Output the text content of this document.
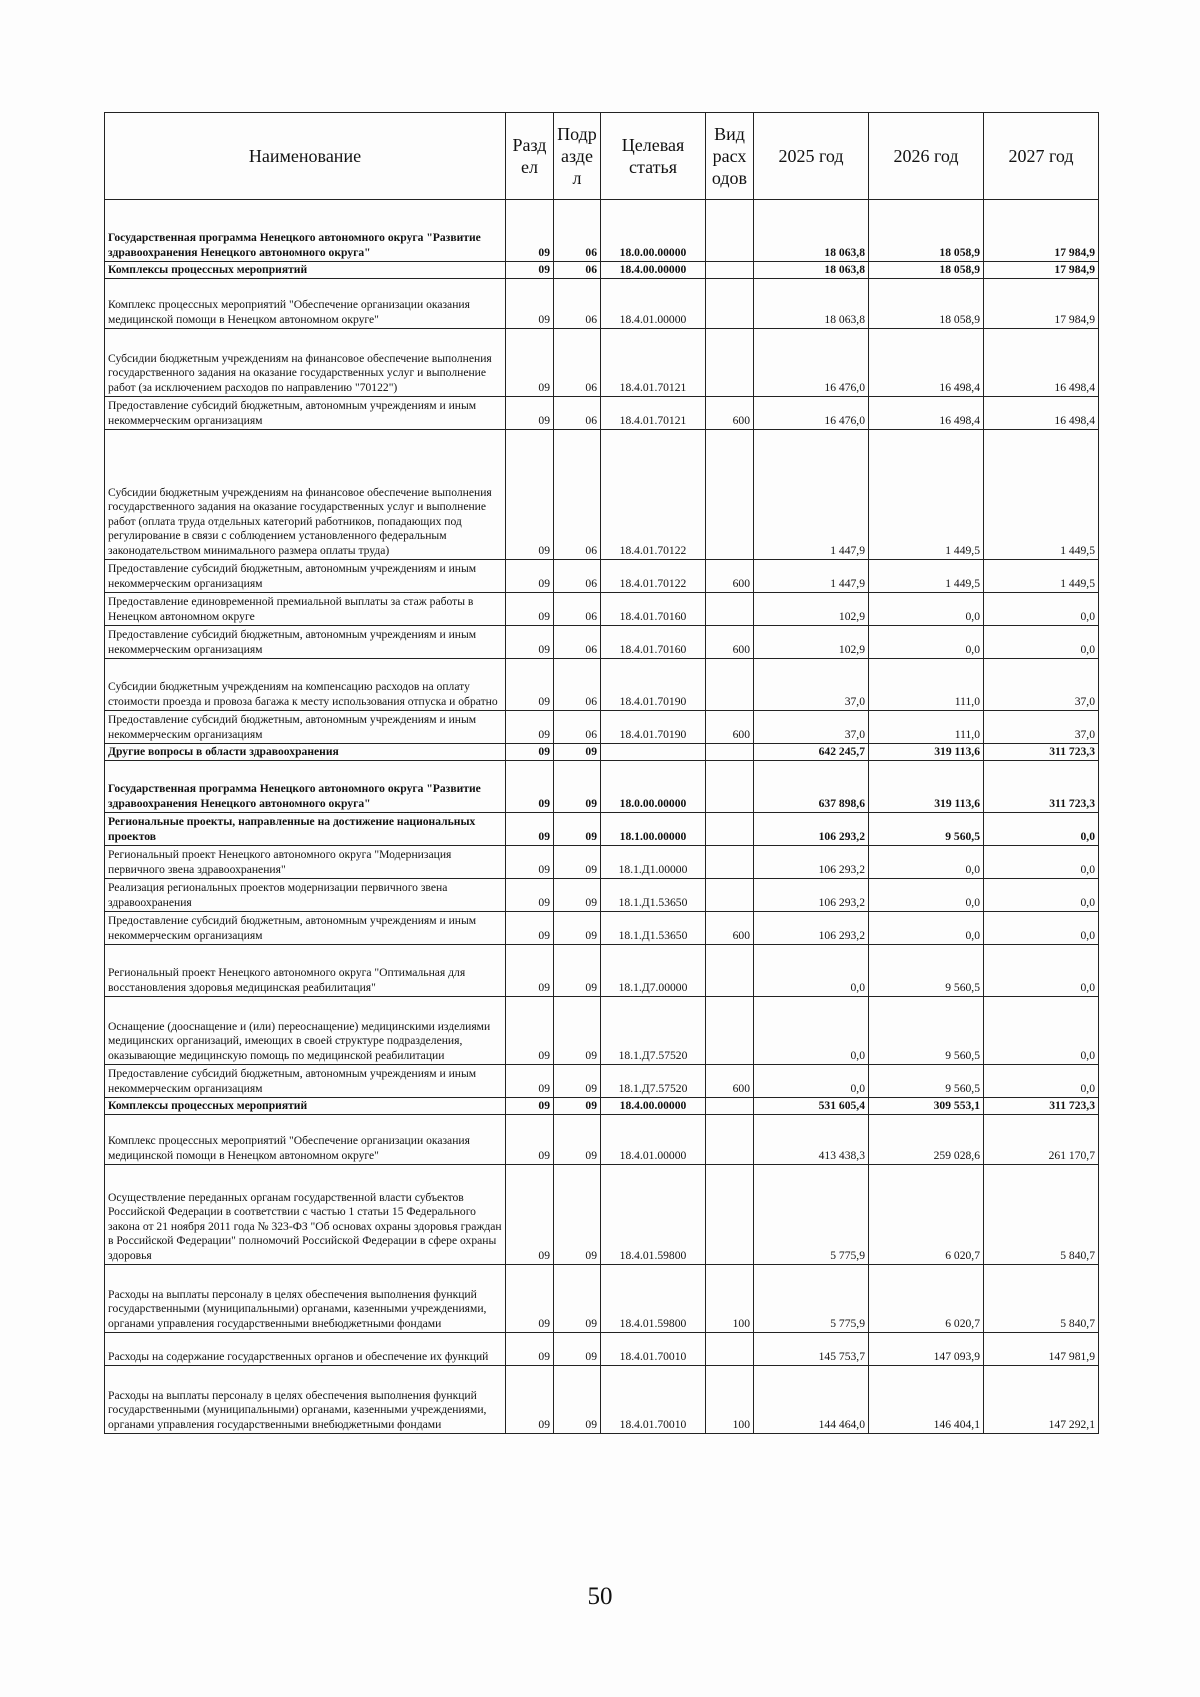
Наименование	Разд ел	Подр азде л	Целевая статья	Вид расх одов	2025 год	2026 год	2027 год
Государственная программа Ненецкого автономного округа "Развитие здравоохранения Ненецкого автономного округа"	09	06	18.0.00.00000		18 063,8	18 058,9	17 984,9
Комплексы процессных мероприятий	09	06	18.4.00.00000		18 063,8	18 058,9	17 984,9
Комплекс процессных мероприятий "Обеспечение организации оказания медицинской помощи в Ненецком автономном округе"	09	06	18.4.01.00000		18 063,8	18 058,9	17 984,9
Субсидии бюджетным учреждениям на финансовое обеспечение выполнения государственного задания на оказание государственных услуг и выполнение работ (за исключением расходов по направлению "70122")	09	06	18.4.01.70121		16 476,0	16 498,4	16 498,4
Предоставление субсидий бюджетным, автономным учреждениям и иным некоммерческим организациям	09	06	18.4.01.70121	600	16 476,0	16 498,4	16 498,4
Субсидии бюджетным учреждениям на финансовое обеспечение выполнения государственного задания на оказание государственных услуг и выполнение работ (оплата труда отдельных категорий работников, попадающих под регулирование в связи с соблюдением установленного федеральным законодательством минимального размера оплаты труда)	09	06	18.4.01.70122		1 447,9	1 449,5	1 449,5
Предоставление субсидий бюджетным, автономным учреждениям и иным некоммерческим организациям	09	06	18.4.01.70122	600	1 447,9	1 449,5	1 449,5
Предоставление единовременной премиальной выплаты за стаж работы в Ненецком автономном округе	09	06	18.4.01.70160		102,9	0,0	0,0
Предоставление субсидий бюджетным, автономным учреждениям и иным некоммерческим организациям	09	06	18.4.01.70160	600	102,9	0,0	0,0
Субсидии бюджетным учреждениям на компенсацию расходов на оплату стоимости проезда и провоза багажа к месту использования отпуска и обратно	09	06	18.4.01.70190		37,0	111,0	37,0
Предоставление субсидий бюджетным, автономным учреждениям и иным некоммерческим организациям	09	06	18.4.01.70190	600	37,0	111,0	37,0
Другие вопросы в области здравоохранения	09	09			642 245,7	319 113,6	311 723,3
Государственная программа Ненецкого автономного округа "Развитие здравоохранения Ненецкого автономного округа"	09	09	18.0.00.00000		637 898,6	319 113,6	311 723,3
Региональные проекты, направленные на достижение национальных проектов	09	09	18.1.00.00000		106 293,2	9 560,5	0,0
Региональный проект Ненецкого автономного округа "Модернизация первичного звена здравоохранения"	09	09	18.1.Д1.00000		106 293,2	0,0	0,0
Реализация региональных проектов модернизации первичного звена здравоохранения	09	09	18.1.Д1.53650		106 293,2	0,0	0,0
Предоставление субсидий бюджетным, автономным учреждениям и иным некоммерческим организациям	09	09	18.1.Д1.53650	600	106 293,2	0,0	0,0
Региональный проект Ненецкого автономного округа "Оптимальная для восстановления здоровья медицинская реабилитация"	09	09	18.1.Д7.00000		0,0	9 560,5	0,0
Оснащение (дооснащение и (или) переоснащение) медицинскими изделиями медицинских организаций, имеющих в своей структуре подразделения, оказывающие медицинскую помощь по медицинской реабилитации	09	09	18.1.Д7.57520		0,0	9 560,5	0,0
Предоставление субсидий бюджетным, автономным учреждениям и иным некоммерческим организациям	09	09	18.1.Д7.57520	600	0,0	9 560,5	0,0
Комплексы процессных мероприятий	09	09	18.4.00.00000		531 605,4	309 553,1	311 723,3
Комплекс процессных мероприятий "Обеспечение организации оказания медицинской помощи в Ненецком автономном округе"	09	09	18.4.01.00000		413 438,3	259 028,6	261 170,7
Осуществление переданных органам государственной власти субъектов Российской Федерации в соответствии с частью 1 статьи 15 Федерального закона от 21 ноября 2011 года № 323-ФЗ "Об основах охраны здоровья граждан в Российской Федерации" полномочий Российской Федерации в сфере охраны здоровья	09	09	18.4.01.59800		5 775,9	6 020,7	5 840,7
Расходы на выплаты персоналу в целях обеспечения выполнения функций государственными (муниципальными) органами, казенными учреждениями, органами управления государственными внебюджетными фондами	09	09	18.4.01.59800	100	5 775,9	6 020,7	5 840,7
Расходы на содержание государственных органов и обеспечение их функций	09	09	18.4.01.70010		145 753,7	147 093,9	147 981,9
Расходы на выплаты персоналу в целях обеспечения выполнения функций государственными (муниципальными) органами, казенными учреждениями, органами управления государственными внебюджетными фондами	09	09	18.4.01.70010	100	144 464,0	146 404,1	147 292,1
50
